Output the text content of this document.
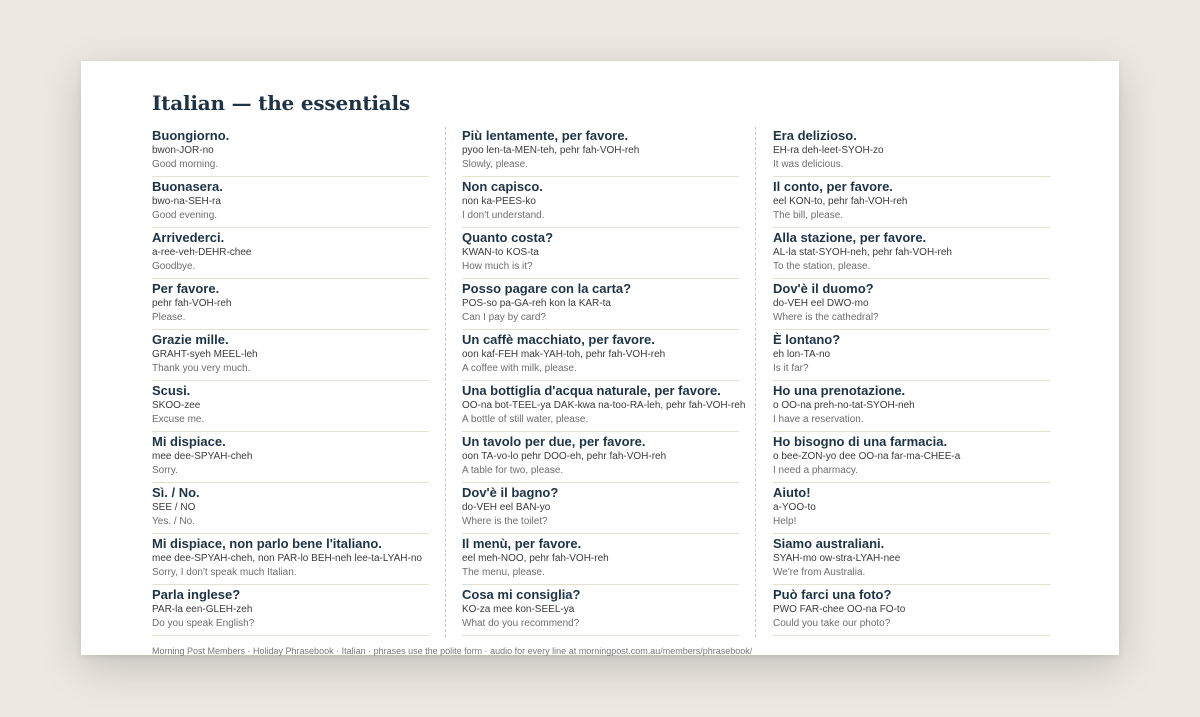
Italian — the essentials
Buongiorno.
bwon-JOR-no
Good morning.
Buonasera.
bwo-na-SEH-ra
Good evening.
Arrivederci.
a-ree-veh-DEHR-chee
Goodbye.
Per favore.
pehr fah-VOH-reh
Please.
Grazie mille.
GRAHT-syeh MEEL-leh
Thank you very much.
Scusi.
SKOO-zee
Excuse me.
Mi dispiace.
mee dee-SPYAH-cheh
Sorry.
Sì. / No.
SEE / NO
Yes. / No.
Mi dispiace, non parlo bene l'italiano.
mee dee-SPYAH-cheh, non PAR-lo BEH-neh lee-ta-LYAH-no
Sorry, I don't speak much Italian.
Parla inglese?
PAR-la een-GLEH-zeh
Do you speak English?
Più lentamente, per favore.
pyoo len-ta-MEN-teh, pehr fah-VOH-reh
Slowly, please.
Non capisco.
non ka-PEES-ko
I don't understand.
Quanto costa?
KWAN-to KOS-ta
How much is it?
Posso pagare con la carta?
POS-so pa-GA-reh kon la KAR-ta
Can I pay by card?
Un caffè macchiato, per favore.
oon kaf-FEH mak-YAH-toh, pehr fah-VOH-reh
A coffee with milk, please.
Una bottiglia d'acqua naturale, per favore.
OO-na bot-TEEL-ya DAK-kwa na-too-RA-leh, pehr fah-VOH-reh
A bottle of still water, please.
Un tavolo per due, per favore.
oon TA-vo-lo pehr DOO-eh, pehr fah-VOH-reh
A table for two, please.
Dov'è il bagno?
do-VEH eel BAN-yo
Where is the toilet?
Il menù, per favore.
eel meh-NOO, pehr fah-VOH-reh
The menu, please.
Cosa mi consiglia?
KO-za mee kon-SEEL-ya
What do you recommend?
Era delizioso.
EH-ra deh-leet-SYOH-zo
It was delicious.
Il conto, per favore.
eel KON-to, pehr fah-VOH-reh
The bill, please.
Alla stazione, per favore.
AL-la stat-SYOH-neh, pehr fah-VOH-reh
To the station, please.
Dov'è il duomo?
do-VEH eel DWO-mo
Where is the cathedral?
È lontano?
eh lon-TA-no
Is it far?
Ho una prenotazione.
o OO-na preh-no-tat-SYOH-neh
I have a reservation.
Ho bisogno di una farmacia.
o bee-ZON-yo dee OO-na far-ma-CHEE-a
I need a pharmacy.
Aiuto!
a-YOO-to
Help!
Siamo australiani.
SYAH-mo ow-stra-LYAH-nee
We're from Australia.
Può farci una foto?
PWO FAR-chee OO-na FO-to
Could you take our photo?
Morning Post Members · Holiday Phrasebook · Italian · phrases use the polite form · audio for every line at morningpost.com.au/members/phrasebook/
